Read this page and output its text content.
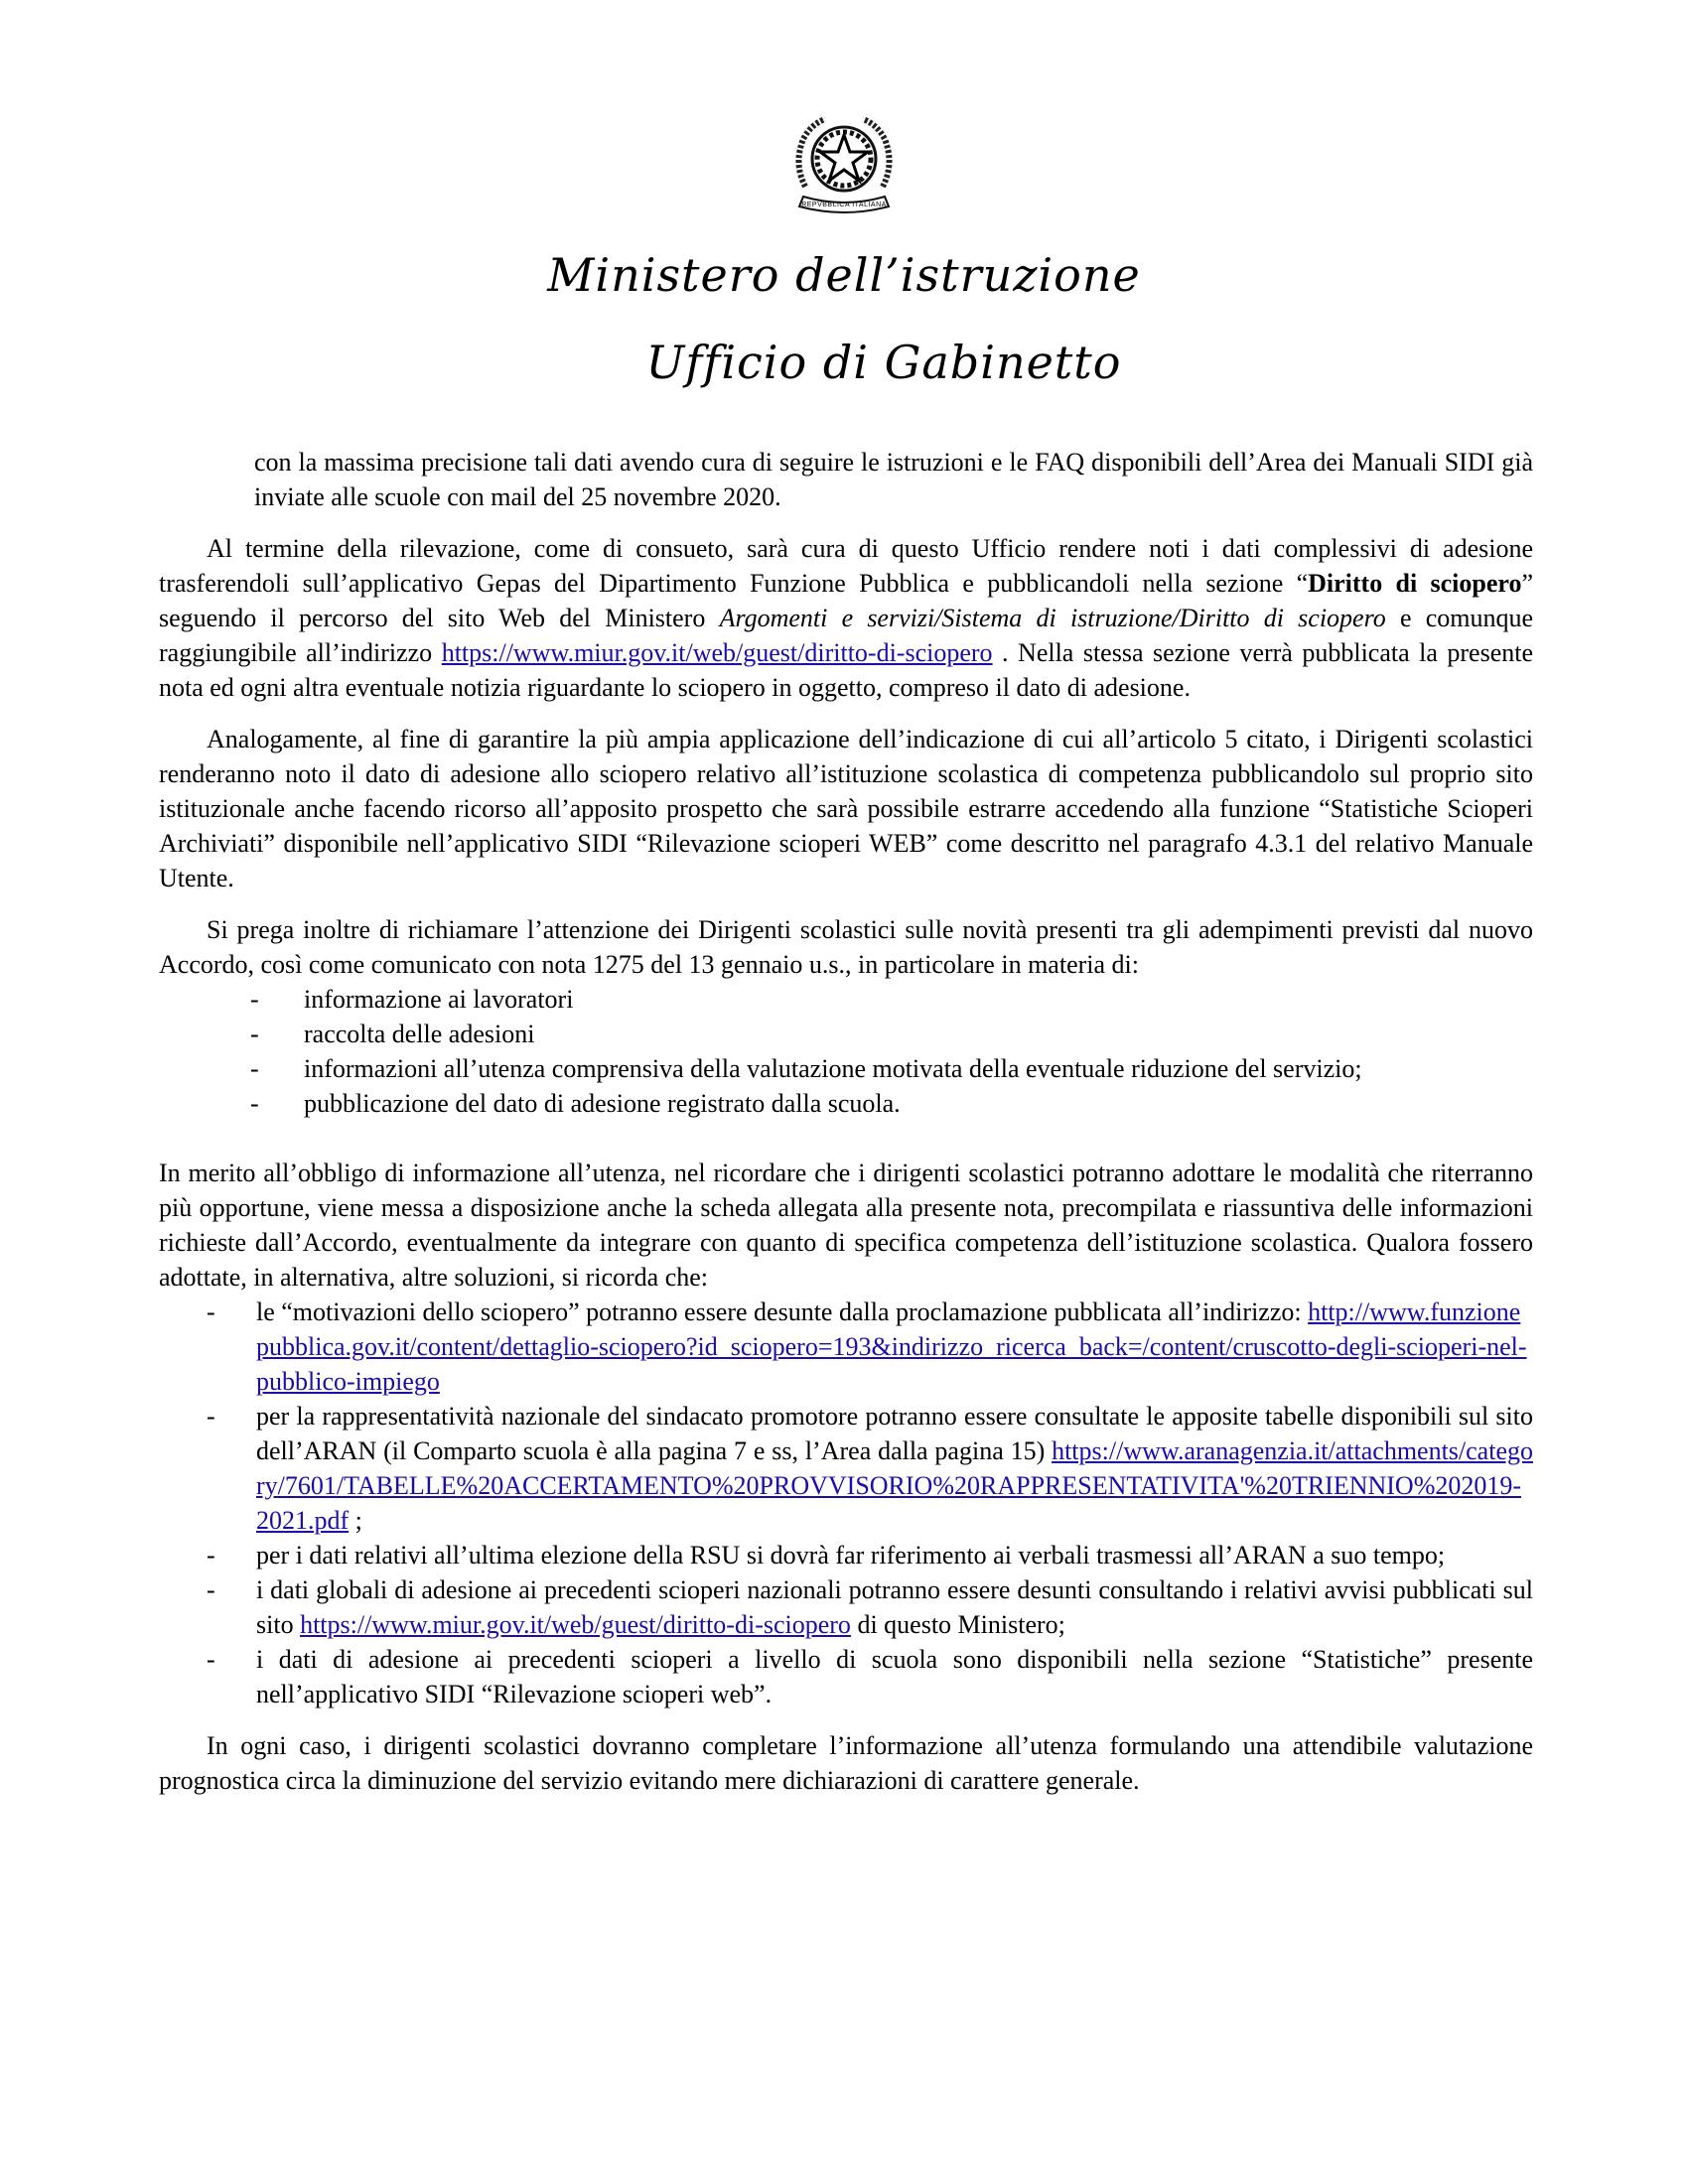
REPVBBLICA ITALIANA
Ministero dell’istruzione
Ufficio di Gabinetto

con la massima precisione tali dati avendo cura di seguire le istruzioni e le FAQ disponibili dell’Area dei Manuali SIDI già inviate alle scuole con mail del 25 novembre 2020.

Al termine della rilevazione, come di consueto, sarà cura di questo Ufficio rendere noti i dati complessivi di adesione trasferendoli sull’applicativo Gepas del Dipartimento Funzione Pubblica e pubblicandoli nella sezione “Diritto di sciopero” seguendo il percorso del sito Web del Ministero Argomenti e servizi/Sistema di istruzione/Diritto di sciopero e comunque raggiungibile all’indirizzo https://www.miur.gov.it/web/guest/diritto-di-sciopero . Nella stessa sezione verrà pubblicata la presente nota ed ogni altra eventuale notizia riguardante lo sciopero in oggetto, compreso il dato di adesione.

Analogamente, al fine di garantire la più ampia applicazione dell’indicazione di cui all’articolo 5 citato, i Dirigenti scolastici renderanno noto il dato di adesione allo sciopero relativo all’istituzione scolastica di competenza pubblicandolo sul proprio sito istituzionale anche facendo ricorso all’apposito prospetto che sarà possibile estrarre accedendo alla funzione “Statistiche Scioperi Archiviati” disponibile nell’applicativo SIDI “Rilevazione scioperi WEB” come descritto nel paragrafo 4.3.1 del relativo Manuale Utente.

Si prega inoltre di richiamare l’attenzione dei Dirigenti scolastici sulle novità presenti tra gli adempimenti previsti dal nuovo Accordo, così come comunicato con nota 1275 del 13 gennaio u.s., in particolare in materia di:

- informazione ai lavoratori
- raccolta delle adesioni
- informazioni all’utenza comprensiva della valutazione motivata della eventuale riduzione del servizio;
- pubblicazione del dato di adesione registrato dalla scuola.

In merito all’obbligo di informazione all’utenza, nel ricordare che i dirigenti scolastici potranno adottare le modalità che riterranno più opportune, viene messa a disposizione anche la scheda allegata alla presente nota, precompilata e riassuntiva delle informazioni richieste dall’Accordo, eventualmente da integrare con quanto di specifica competenza dell’istituzione scolastica. Qualora fossero adottate, in alternativa, altre soluzioni, si ricorda che:

- le “motivazioni dello sciopero” potranno essere desunte dalla proclamazione pubblicata all’indirizzo: http://www.funzionepubblica.gov.it/content/dettaglio-sciopero?id_sciopero=193&indirizzo_ricerca_back=/content/cruscotto-degli-scioperi-nel-pubblico-impiego
- per la rappresentatività nazionale del sindacato promotore potranno essere consultate le apposite tabelle disponibili sul sito dell’ARAN (il Comparto scuola è alla pagina 7 e ss, l’Area dalla pagina 15) https://www.aranagenzia.it/attachments/category/7601/TABELLE%20ACCERTAMENTO%20PROVVISORIO%20RAPPRESENTATIVITA'%20TRIENNIO%202019-2021.pdf ;
- per i dati relativi all’ultima elezione della RSU si dovrà far riferimento ai verbali trasmessi all’ARAN a suo tempo;
- i dati globali di adesione ai precedenti scioperi nazionali potranno essere desunti consultando i relativi avvisi pubblicati sul sito https://www.miur.gov.it/web/guest/diritto-di-sciopero di questo Ministero;
- i dati di adesione ai precedenti scioperi a livello di scuola sono disponibili nella sezione “Statistiche” presente nell’applicativo SIDI “Rilevazione scioperi web”.

In ogni caso, i dirigenti scolastici dovranno completare l’informazione all’utenza formulando una attendibile valutazione prognostica circa la diminuzione del servizio evitando mere dichiarazioni di carattere generale.
